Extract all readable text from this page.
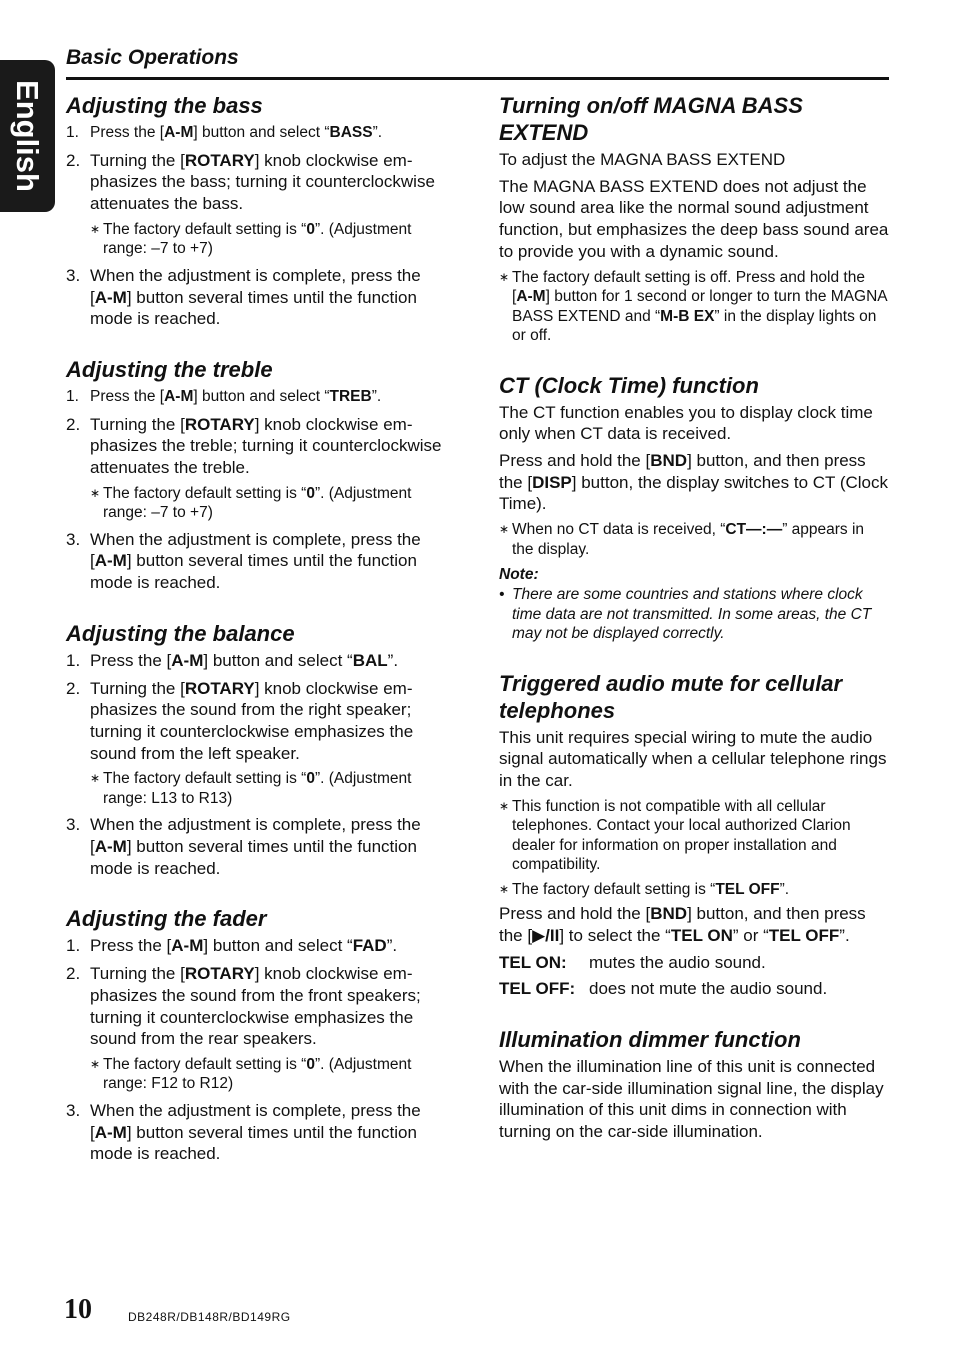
English
Basic Operations
Adjusting the bass
1. Press the [A-M] button and select “BASS”.
2. Turning the [ROTARY] knob clockwise emphasizes the bass; turning it counterclockwise attenuates the bass.
∗ The factory default setting is “0”. (Adjustment range: –7 to +7)
3. When the adjustment is complete, press the [A-M] button several times until the function mode is reached.
Adjusting the treble
1. Press the [A-M] button and select “TREB”.
2. Turning the [ROTARY] knob clockwise emphasizes the treble; turning it counterclockwise attenuates the treble.
∗ The factory default setting is “0”. (Adjustment range: –7 to +7)
3. When the adjustment is complete, press the [A-M] button several times until the function mode is reached.
Adjusting the balance
1. Press the [A-M] button and select “BAL”.
2. Turning the [ROTARY] knob clockwise emphasizes the sound from the right speaker; turning it counterclockwise emphasizes the sound from the left speaker.
∗ The factory default setting is “0”. (Adjustment range: L13 to R13)
3. When the adjustment is complete, press the [A-M] button several times until the function mode is reached.
Adjusting the fader
1. Press the [A-M] button and select “FAD”.
2. Turning the [ROTARY] knob clockwise emphasizes the sound from the front speakers; turning it counterclockwise emphasizes the sound from the rear speakers.
∗ The factory default setting is “0”. (Adjustment range: F12 to R12)
3. When the adjustment is complete, press the [A-M] button several times until the function mode is reached.
Turning on/off MAGNA BASS EXTEND

To adjust the MAGNA BASS EXTEND

The MAGNA BASS EXTEND does not adjust the low sound area like the normal sound adjustment function, but emphasizes the deep bass sound area to provide you with a dynamic sound.

∗ The factory default setting is off. Press and hold the [A-M] button for 1 second or longer to turn the MAGNA BASS EXTEND and “M-B EX” in the display lights on or off.
CT (Clock Time) function

The CT function enables you to display clock time only when CT data is received.

Press and hold the [BND] button, and then press the [DISP] button, the display switches to CT (Clock Time).

∗ When no CT data is received, “CT—:—” appears in the display.
Note:
• There are some countries and stations where clock time data are not transmitted. In some areas, the CT may not be displayed correctly.
Triggered audio mute for cellular telephones

This unit requires special wiring to mute the audio signal automatically when a cellular telephone rings in the car.

∗ This function is not compatible with all cellular telephones. Contact your local authorized Clarion dealer for information on proper installation and compatibility.
∗ The factory default setting is “TEL OFF”.

Press and hold the [BND] button, and then press the [▶/II] to select the “TEL ON” or “TEL OFF”.

TEL ON: mutes the audio sound.
TEL OFF: does not mute the audio sound.
Illumination dimmer function

When the illumination line of this unit is connected with the car-side illumination signal line, the display illumination of this unit dims in connection with turning on the car-side illumination.

10	DB248R/DB148R/BD149RG
